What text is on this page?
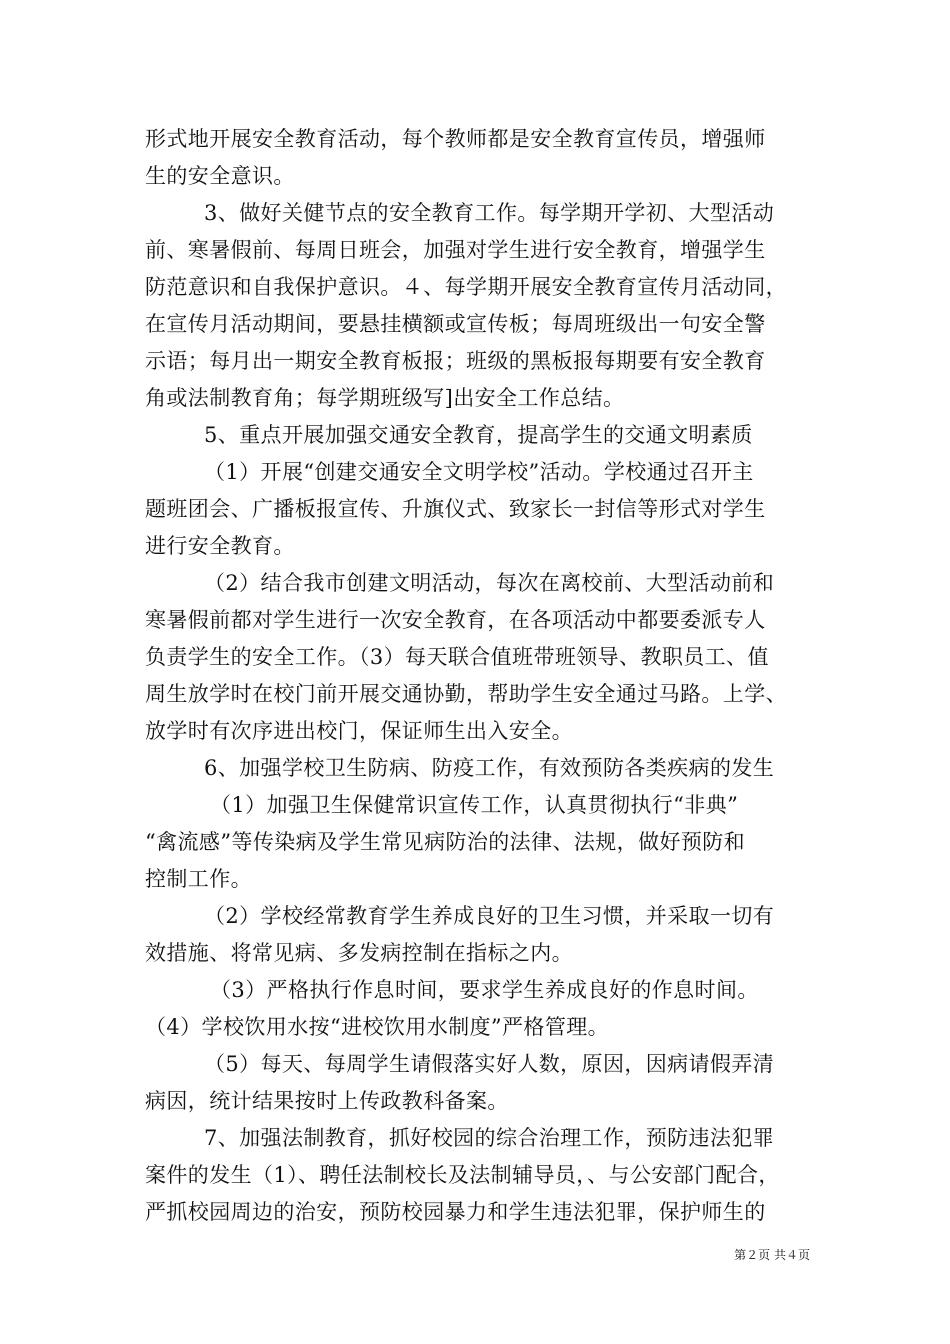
形式地开展安全教育活动，每个教师都是安全教育宣传员，增强师
生的安全意识。
3、做好关健节点的安全教育工作。每学期开学初、大型活动
前、寒暑假前、每周日班会，加强对学生进行安全教育，增强学生
防范意识和自我保护意识。４、每学期开展安全教育宣传月活动同，
在宣传月活动期间，要悬挂横额或宣传板；每周班级出一句安全警
示语；每月出一期安全教育板报；班级的黑板报每期要有安全教育
角或法制教育角；每学期班级写]出安全工作总结。
5、重点开展加强交通安全教育，提高学生的交通文明素质
（1）开展“创建交通安全文明学校”活动。学校通过召开主
题班团会、广播板报宣传、升旗仪式、致家长一封信等形式对学生
进行安全教育。
（2）结合我市创建文明活动，每次在离校前、大型活动前和
寒暑假前都对学生进行一次安全教育，在各项活动中都要委派专人
负责学生的安全工作。（3）每天联合值班带班领导、教职员工、值
周生放学时在校门前开展交通协勤，帮助学生安全通过马路。上学、
放学时有次序进出校门，保证师生出入安全。
6、加强学校卫生防病、防疫工作，有效预防各类疾病的发生
（1）加强卫生保健常识宣传工作，认真贯彻执行“非典”
“禽流感”等传染病及学生常见病防治的法律、法规，做好预防和
控制工作。
（2）学校经常教育学生养成良好的卫生习惯，并采取一切有
效措施、将常见病、多发病控制在指标之内。
（3）严格执行作息时间，要求学生养成良好的作息时间。
（4）学校饮用水按“进校饮用水制度”严格管理。
（5）每天、每周学生请假落实好人数，原因，因病请假弄清
病因，统计结果按时上传政教科备案。
7、加强法制教育，抓好校园的综合治理工作，预防违法犯罪
案件的发生（1）、聘任法制校长及法制辅导员，、与公安部门配合，
严抓校园周边的治安，预防校园暴力和学生违法犯罪，保护师生的
第２页 共４页
